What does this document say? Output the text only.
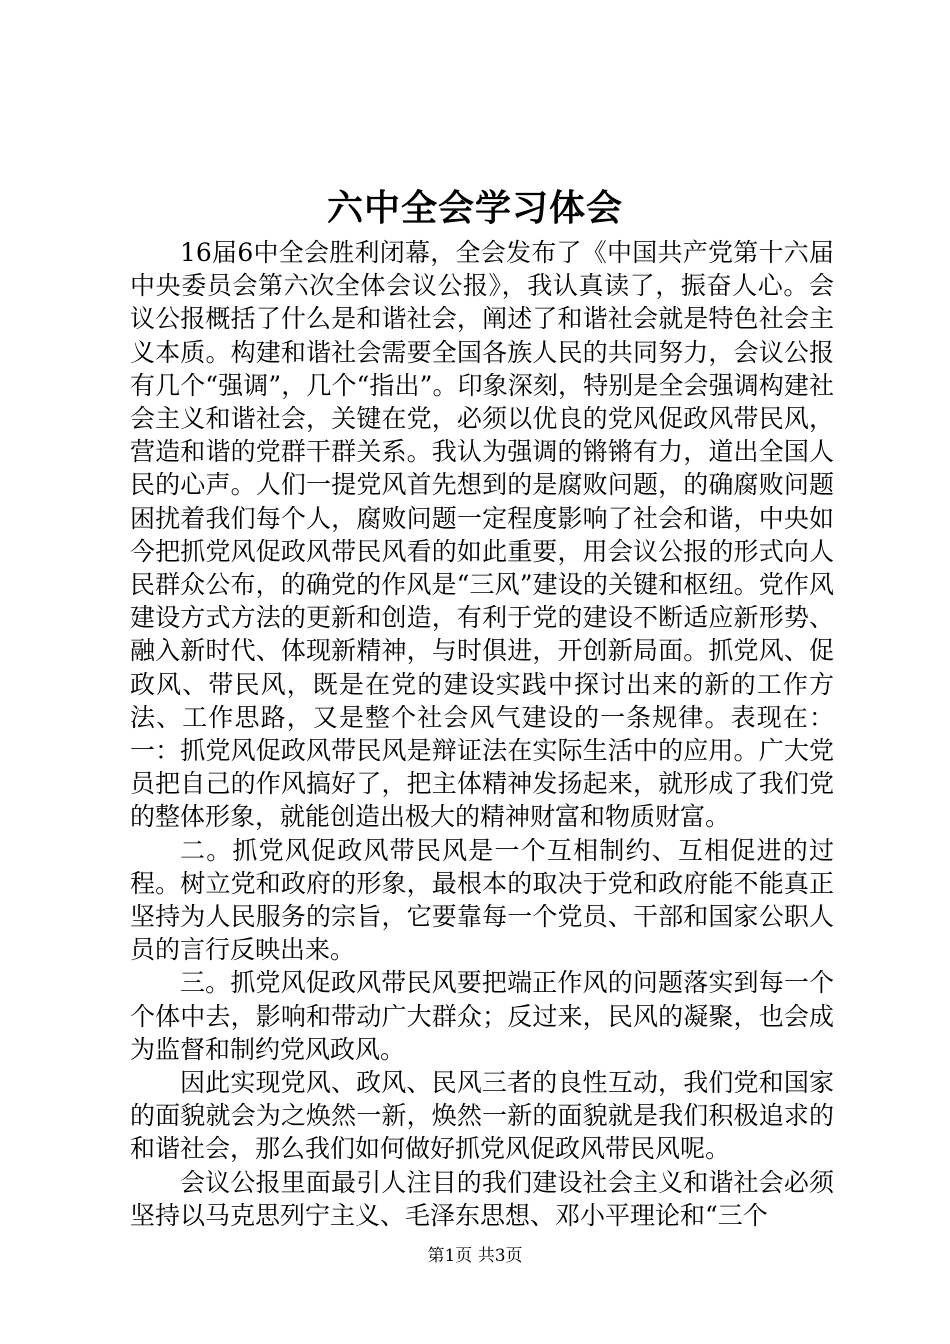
六中全会学习体会

16届6中全会胜利闭幕，全会发布了《中国共产党第十六届中央委员会第六次全体会议公报》，我认真读了，振奋人心。会议公报概括了什么是和谐社会，阐述了和谐社会就是特色社会主义本质。构建和谐社会需要全国各族人民的共同努力，会议公报有几个“强调”，几个“指出”。印象深刻，特别是全会强调构建社会主义和谐社会，关键在党，必须以优良的党风促政风带民风，营造和谐的党群干群关系。我认为强调的锵锵有力，道出全国人民的心声。人们一提党风首先想到的是腐败问题，的确腐败问题困扰着我们每个人，腐败问题一定程度影响了社会和谐，中央如今把抓党风促政风带民风看的如此重要，用会议公报的形式向人民群众公布，的确党的作风是“三风”建设的关键和枢纽。党作风建设方式方法的更新和创造，有利于党的建设不断适应新形势、融入新时代、体现新精神，与时俱进，开创新局面。抓党风、促政风、带民风，既是在党的建设实践中探讨出来的新的工作方法、工作思路，又是整个社会风气建设的一条规律。表现在：一：抓党风促政风带民风是辩证法在实际生活中的应用。广大党员把自己的作风搞好了，把主体精神发扬起来，就形成了我们党的整体形象，就能创造出极大的精神财富和物质财富。

二。抓党风促政风带民风是一个互相制约、互相促进的过程。树立党和政府的形象，最根本的取决于党和政府能不能真正坚持为人民服务的宗旨，它要靠每一个党员、干部和国家公职人员的言行反映出来。

三。抓党风促政风带民风要把端正作风的问题落实到每一个个体中去，影响和带动广大群众；反过来，民风的凝聚，也会成为监督和制约党风政风。

因此实现党风、政风、民风三者的良性互动，我们党和国家的面貌就会为之焕然一新，焕然一新的面貌就是我们积极追求的和谐社会，那么我们如何做好抓党风促政风带民风呢。

会议公报里面最引人注目的我们建设社会主义和谐社会必须坚持以马克思列宁主义、毛泽东思想、邓小平理论和“三个

第1页 共3页
